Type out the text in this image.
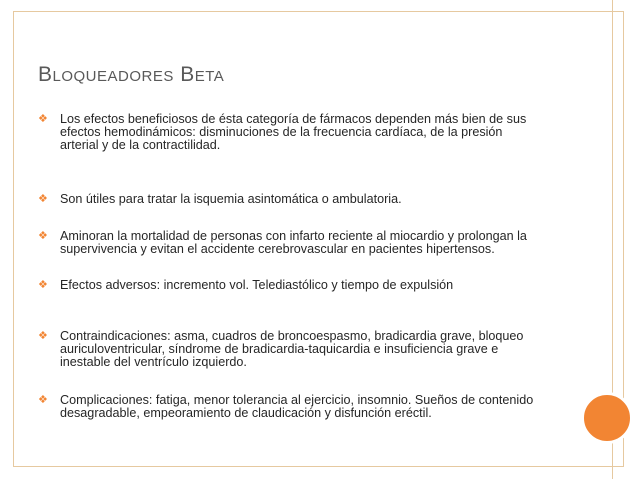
Bloqueadores Beta
❖ Los efectos beneficiosos de ésta categoría de fármacos dependen más bien de sus efectos hemodinámicos: disminuciones de la frecuencia cardíaca, de la presión arterial y de la contractilidad.
❖ Son útiles para tratar la isquemia asintomática o ambulatoria.
❖ Aminoran la mortalidad de personas con infarto reciente al miocardio y prolongan la supervivencia y evitan el accidente cerebrovascular en pacientes hipertensos.
❖ Efectos adversos: incremento vol. Telediastólico y tiempo de expulsión
❖ Contraindicaciones: asma, cuadros de broncoespasmo, bradicardia grave, bloqueo auriculoventricular, síndrome de bradicardia-taquicardia e insuficiencia grave e inestable del ventrículo izquierdo.
❖ Complicaciones: fatiga, menor tolerancia al ejercicio, insomnio. Sueños de contenido desagradable, empeoramiento de claudicación y disfunción eréctil.
